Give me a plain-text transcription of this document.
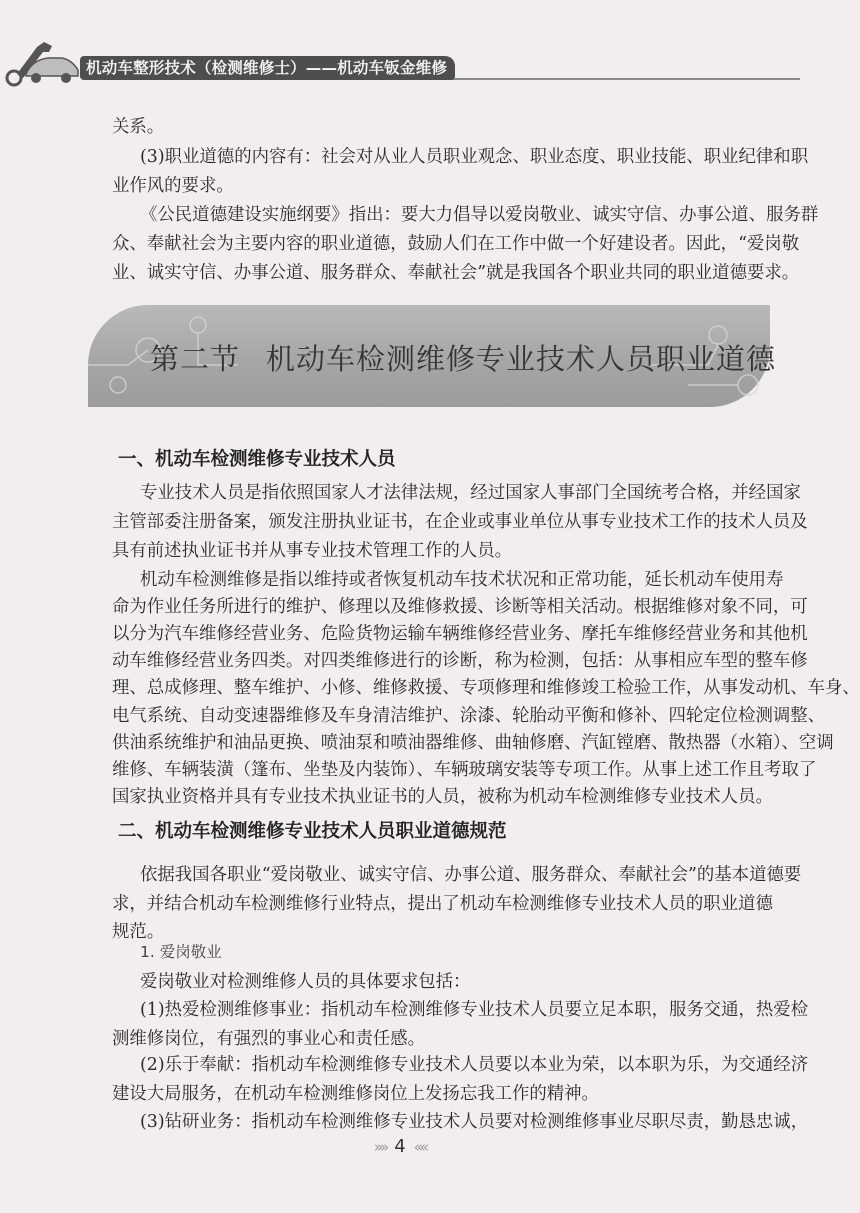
机动车整形技术（检测维修士）——机动车钣金维修
关系。
(3)职业道德的内容有：社会对从业人员职业观念、职业态度、职业技能、职业纪律和职
业作风的要求。
《公民道德建设实施纲要》指出：要大力倡导以爱岗敬业、诚实守信、办事公道、服务群
众、奉献社会为主要内容的职业道德，鼓励人们在工作中做一个好建设者。因此，“爱岗敬
业、诚实守信、办事公道、服务群众、奉献社会”就是我国各个职业共同的职业道德要求。
第二节 机动车检测维修专业技术人员职业道德
一、机动车检测维修专业技术人员
专业技术人员是指依照国家人才法律法规，经过国家人事部门全国统考合格，并经国家
主管部委注册备案，颁发注册执业证书，在企业或事业单位从事专业技术工作的技术人员及
具有前述执业证书并从事专业技术管理工作的人员。
机动车检测维修是指以维持或者恢复机动车技术状况和正常功能，延长机动车使用寿
命为作业任务所进行的维护、修理以及维修救援、诊断等相关活动。根据维修对象不同，可
以分为汽车维修经营业务、危险货物运输车辆维修经营业务、摩托车维修经营业务和其他机
动车维修经营业务四类。对四类维修进行的诊断，称为检测，包括：从事相应车型的整车修
理、总成修理、整车维护、小修、维修救援、专项修理和维修竣工检验工作，从事发动机、车身、
电气系统、自动变速器维修及车身清洁维护、涂漆、轮胎动平衡和修补、四轮定位检测调整、
供油系统维护和油品更换、喷油泵和喷油器维修、曲轴修磨、汽缸镗磨、散热器（水箱）、空调
维修、车辆装潢（篷布、坐垫及内装饰）、车辆玻璃安装等专项工作。从事上述工作且考取了
国家执业资格并具有专业技术执业证书的人员，被称为机动车检测维修专业技术人员。
二、机动车检测维修专业技术人员职业道德规范
依据我国各职业“爱岗敬业、诚实守信、办事公道、服务群众、奉献社会”的基本道德要
求，并结合机动车检测维修行业特点，提出了机动车检测维修专业技术人员的职业道德
规范。
1. 爱岗敬业
爱岗敬业对检测维修人员的具体要求包括：
(1)热爱检测维修事业：指机动车检测维修专业技术人员要立足本职，服务交通，热爱检
测维修岗位，有强烈的事业心和责任感。
(2)乐于奉献：指机动车检测维修专业技术人员要以本业为荣，以本职为乐，为交通经济
建设大局服务，在机动车检测维修岗位上发扬忘我工作的精神。
(3)钻研业务：指机动车检测维修专业技术人员要对检测维修事业尽职尽责，勤恳忠诚，
»» 4 ««
